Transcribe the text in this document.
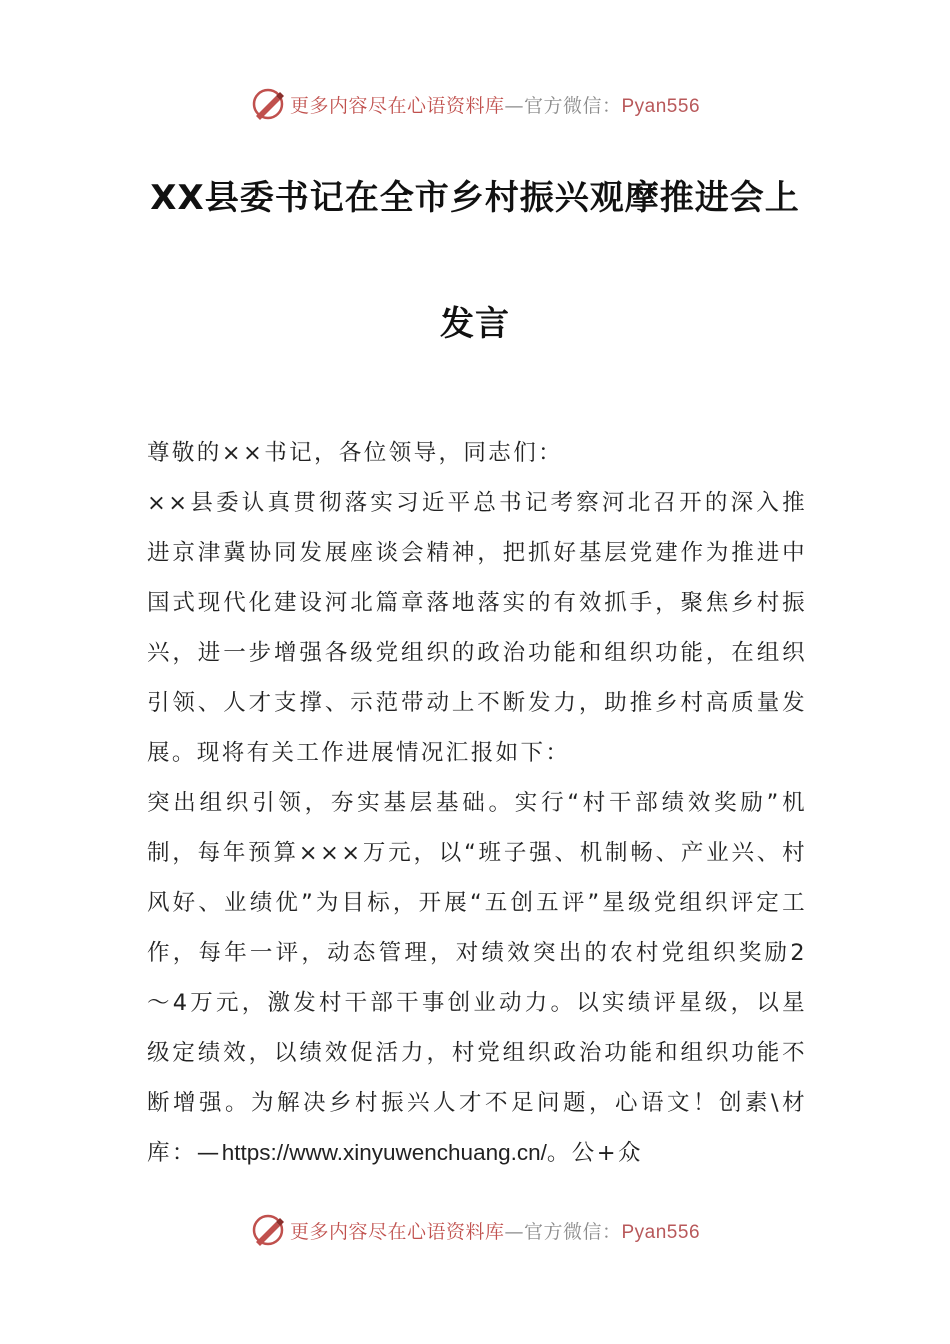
更多内容尽在心语资料库—官方微信：Pyan556
XX县委书记在全市乡村振兴观摩推进会上
发言

尊敬的××书记，各位领导，同志们：

××县委认真贯彻落实习近平总书记考察河北召开的深入推进京津冀协同发展座谈会精神，把抓好基层党建作为推进中国式现代化建设河北篇章落地落实的有效抓手，聚焦乡村振兴，进一步增强各级党组织的政治功能和组织功能，在组织引领、人才支撑、示范带动上不断发力，助推乡村高质量发展。现将有关工作进展情况汇报如下：

突出组织引领，夯实基层基础。实行“村干部绩效奖励”机制，每年预算×××万元，以“班子强、机制畅、产业兴、村风好、业绩优”为目标，开展“五创五评”星级党组织评定工作，每年一评，动态管理，对绩效突出的农村党组织奖励2～4万元，激发村干部干事创业动力。以实绩评星级，以星级定绩效，以绩效促活力，村党组织政治功能和组织功能不断增强。为解决乡村振兴人才不足问题，心语文！创素\材库：—https://www.xinyuwenchuang.cn/。公+众

更多内容尽在心语资料库—官方微信：Pyan556
